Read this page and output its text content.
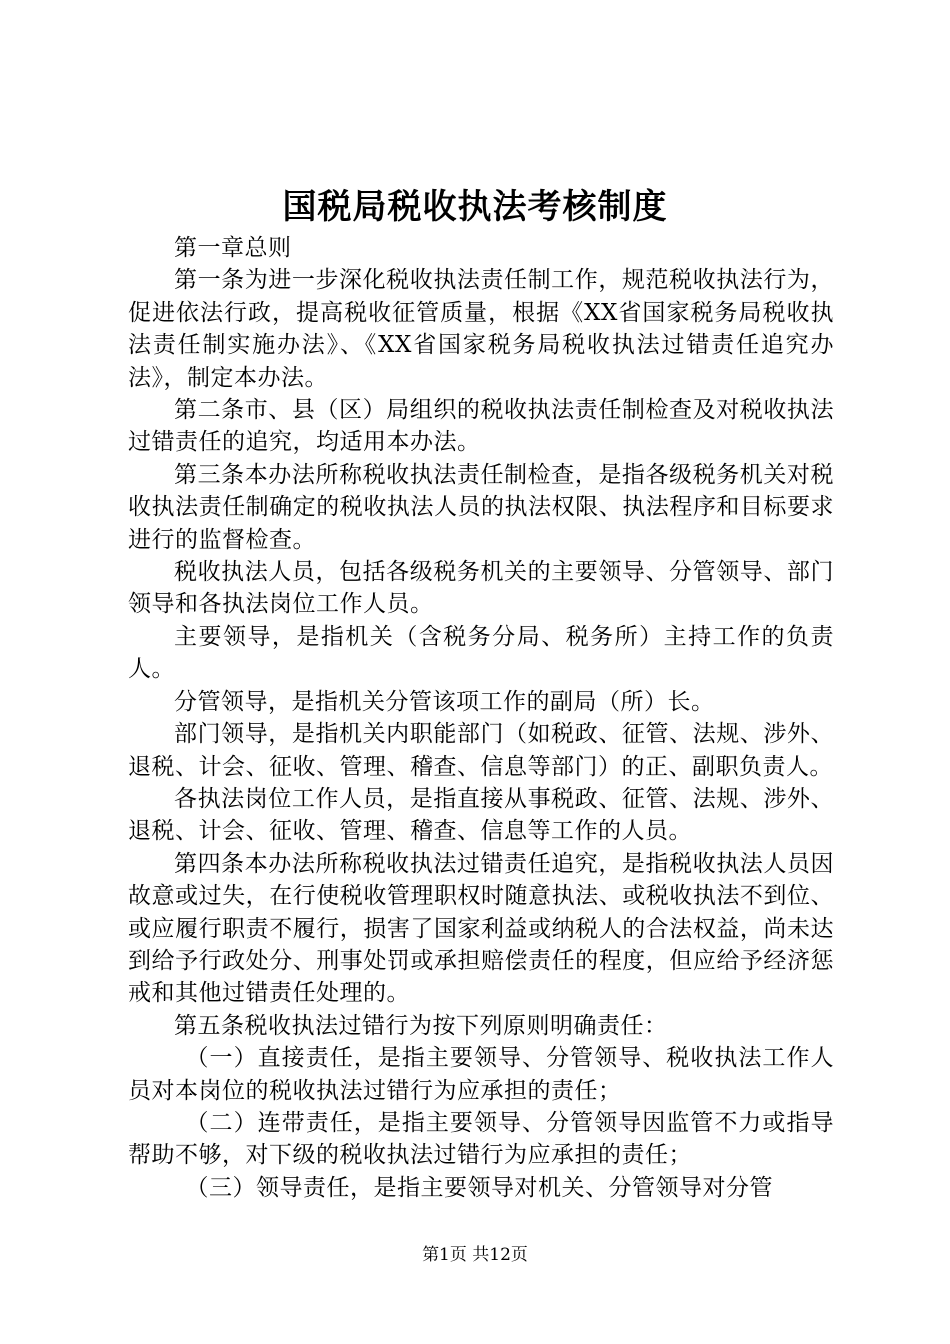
国税局税收执法考核制度

第一章总则

第一条为进一步深化税收执法责任制工作，规范税收执法行为，促进依法行政，提高税收征管质量，根据《XX省国家税务局税收执法责任制实施办法》、《XX省国家税务局税收执法过错责任追究办法》，制定本办法。

第二条市、县（区）局组织的税收执法责任制检查及对税收执法过错责任的追究，均适用本办法。

第三条本办法所称税收执法责任制检查，是指各级税务机关对税收执法责任制确定的税收执法人员的执法权限、执法程序和目标要求进行的监督检查。

税收执法人员，包括各级税务机关的主要领导、分管领导、部门领导和各执法岗位工作人员。

主要领导，是指机关（含税务分局、税务所）主持工作的负责人。

分管领导，是指机关分管该项工作的副局（所）长。

部门领导，是指机关内职能部门（如税政、征管、法规、涉外、退税、计会、征收、管理、稽查、信息等部门）的正、副职负责人。

各执法岗位工作人员，是指直接从事税政、征管、法规、涉外、退税、计会、征收、管理、稽查、信息等工作的人员。

第四条本办法所称税收执法过错责任追究，是指税收执法人员因故意或过失，在行使税收管理职权时随意执法、或税收执法不到位、或应履行职责不履行，损害了国家利益或纳税人的合法权益，尚未达到给予行政处分、刑事处罚或承担赔偿责任的程度，但应给予经济惩戒和其他过错责任处理的。

第五条税收执法过错行为按下列原则明确责任：

（一）直接责任，是指主要领导、分管领导、税收执法工作人员对本岗位的税收执法过错行为应承担的责任；

（二）连带责任，是指主要领导、分管领导因监管不力或指导帮助不够，对下级的税收执法过错行为应承担的责任；

（三）领导责任，是指主要领导对机关、分管领导对分管

第1页 共12页
